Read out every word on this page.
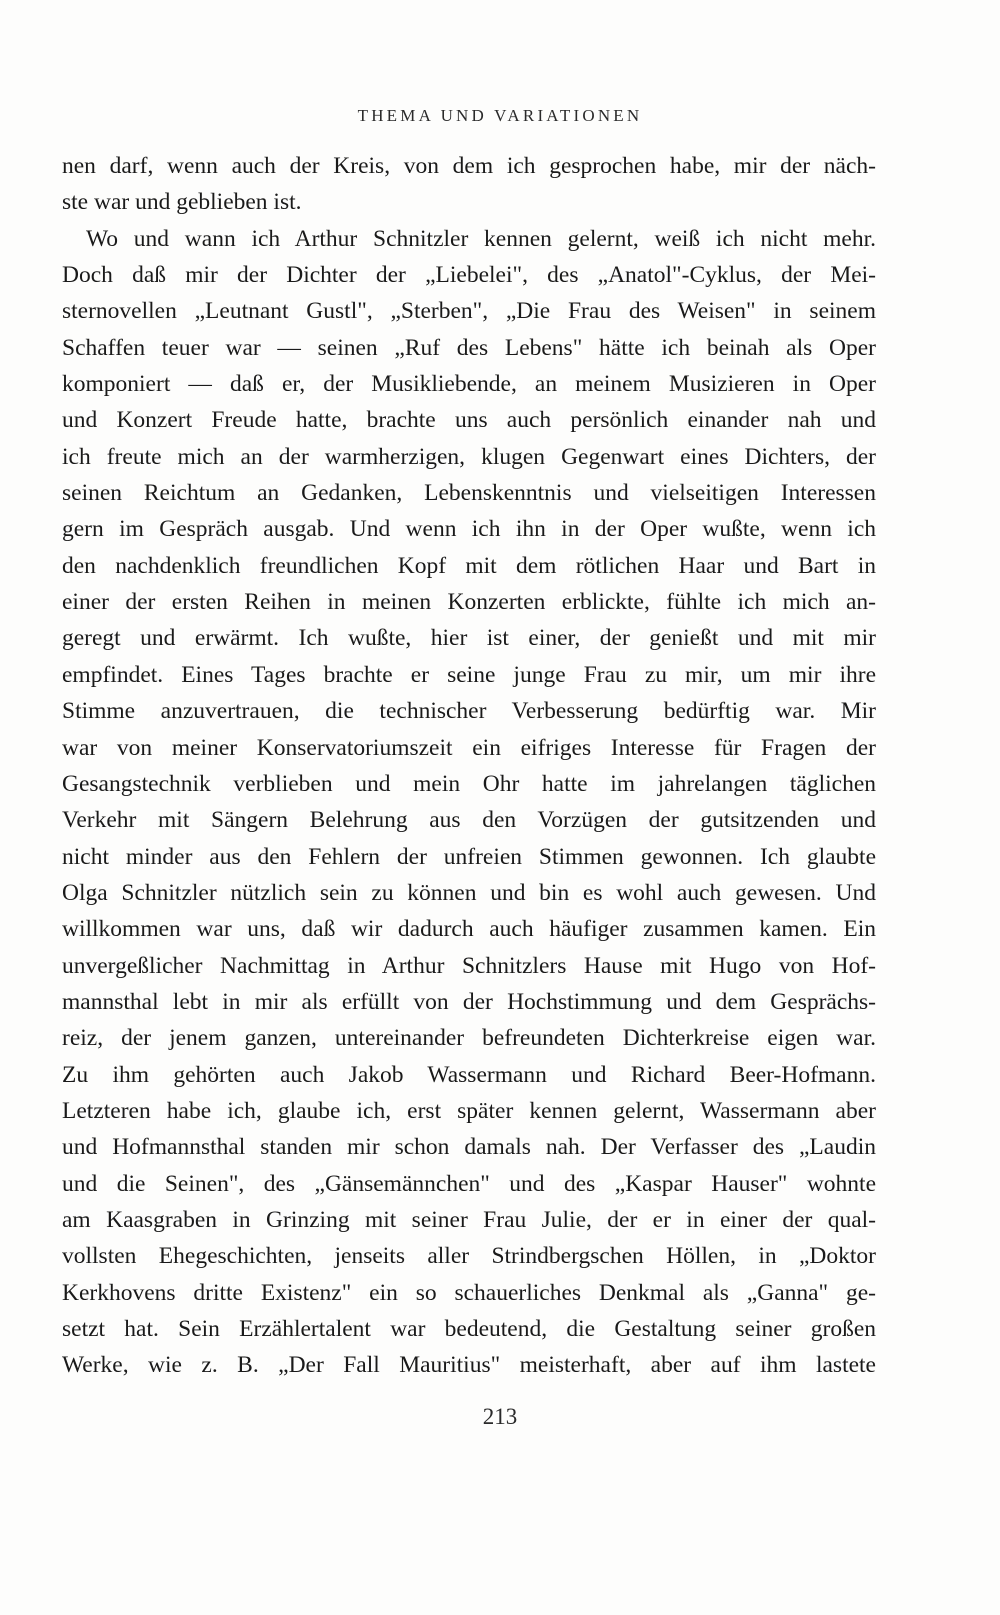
THEMA UND VARIATIONEN
nen darf, wenn auch der Kreis, von dem ich gesprochen habe, mir der näch-
ste war und geblieben ist.
Wo und wann ich Arthur Schnitzler kennen gelernt, weiß ich nicht mehr.
Doch daß mir der Dichter der „Liebelei", des „Anatol"-Cyklus, der Mei-
sternovellen „Leutnant Gustl", „Sterben", „Die Frau des Weisen" in seinem
Schaffen teuer war — seinen „Ruf des Lebens" hätte ich beinah als Oper
komponiert — daß er, der Musikliebende, an meinem Musizieren in Oper
und Konzert Freude hatte, brachte uns auch persönlich einander nah und
ich freute mich an der warmherzigen, klugen Gegenwart eines Dichters, der
seinen Reichtum an Gedanken, Lebenskenntnis und vielseitigen Interessen
gern im Gespräch ausgab. Und wenn ich ihn in der Oper wußte, wenn ich
den nachdenklich freundlichen Kopf mit dem rötlichen Haar und Bart in
einer der ersten Reihen in meinen Konzerten erblickte, fühlte ich mich an-
geregt und erwärmt. Ich wußte, hier ist einer, der genießt und mit mir
empfindet. Eines Tages brachte er seine junge Frau zu mir, um mir ihre
Stimme anzuvertrauen, die technischer Verbesserung bedürftig war. Mir
war von meiner Konservatoriumszeit ein eifriges Interesse für Fragen der
Gesangstechnik verblieben und mein Ohr hatte im jahrelangen täglichen
Verkehr mit Sängern Belehrung aus den Vorzügen der gutsitzenden und
nicht minder aus den Fehlern der unfreien Stimmen gewonnen. Ich glaubte
Olga Schnitzler nützlich sein zu können und bin es wohl auch gewesen. Und
willkommen war uns, daß wir dadurch auch häufiger zusammen kamen. Ein
unvergeßlicher Nachmittag in Arthur Schnitzlers Hause mit Hugo von Hof-
mannsthal lebt in mir als erfüllt von der Hochstimmung und dem Gesprächs-
reiz, der jenem ganzen, untereinander befreundeten Dichterkreise eigen war.
Zu ihm gehörten auch Jakob Wassermann und Richard Beer-Hofmann.
Letzteren habe ich, glaube ich, erst später kennen gelernt, Wassermann aber
und Hofmannsthal standen mir schon damals nah. Der Verfasser des „Laudin
und die Seinen", des „Gänsemännchen" und des „Kaspar Hauser" wohnte
am Kaasgraben in Grinzing mit seiner Frau Julie, der er in einer der qual-
vollsten Ehegeschichten, jenseits aller Strindbergschen Höllen, in „Doktor
Kerkhovens dritte Existenz" ein so schauerliches Denkmal als „Ganna" ge-
setzt hat. Sein Erzählertalent war bedeutend, die Gestaltung seiner großen
Werke, wie z. B. „Der Fall Mauritius" meisterhaft, aber auf ihm lastete
213
